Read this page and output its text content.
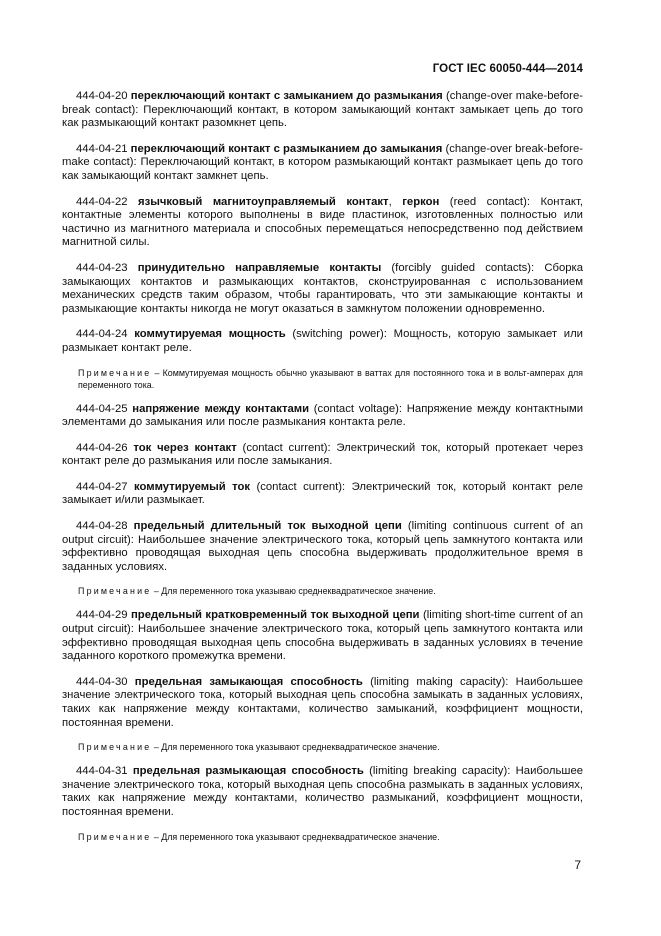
ГОСТ IEC 60050-444—2014

444-04-20 переключающий контакт с замыканием до размыкания (change-over make-before-break contact): Переключающий контакт, в котором замыкающий контакт замыкает цепь до того как размыкающий контакт разомкнет цепь.

444-04-21 переключающий контакт с размыканием до замыкания (change-over break-before-make contact): Переключающий контакт, в котором размыкающий контакт размыкает цепь до того как замыкающий контакт замкнет цепь.

444-04-22 язычковый магнитоуправляемый контакт, геркон (reed contact): Контакт, контактные элементы которого выполнены в виде пластинок, изготовленных полностью или частично из магнитного материала и способных перемещаться непосредственно под действием магнитной силы.

444-04-23 принудительно направляемые контакты (forcibly guided contacts): Сборка замыкающих контактов и размыкающих контактов, сконструированная с использованием механических средств таким образом, чтобы гарантировать, что эти замыкающие контакты и размыкающие контакты никогда не могут оказаться в замкнутом положении одновременно.

444-04-24 коммутируемая мощность (switching power): Мощность, которую замыкает или размыкает контакт реле.

Примечание – Коммутируемая мощность обычно указывают в ваттах для постоянного тока и в вольт-амперах для переменного тока.

444-04-25 напряжение между контактами (contact voltage): Напряжение между контактными элементами до замыкания или после размыкания контакта реле.

444-04-26 ток через контакт (contact current): Электрический ток, который протекает через контакт реле до размыкания или после замыкания.

444-04-27 коммутируемый ток (contact current): Электрический ток, который контакт реле замыкает и/или размыкает.

444-04-28 предельный длительный ток выходной цепи (limiting continuous current of an output circuit): Наибольшее значение электрического тока, который цепь замкнутого контакта или эффективно проводящая выходная цепь способна выдерживать продолжительное время в заданных условиях.

Примечание – Для переменного тока указываю среднеквадратическое значение.

444-04-29 предельный кратковременный ток выходной цепи (limiting short-time current of an output circuit): Наибольшее значение электрического тока, который цепь замкнутого контакта или эффективно проводящая выходная цепь способна выдерживать в заданных условиях в течение заданного короткого промежутка времени.

444-04-30 предельная замыкающая способность (limiting making capacity): Наибольшее значение электрического тока, который выходная цепь способна замыкать в заданных условиях, таких как напряжение между контактами, количество замыканий, коэффициент мощности, постоянная времени.

Примечание – Для переменного тока указывают среднеквадратическое значение.

444-04-31 предельная размыкающая способность (limiting breaking capacity): Наибольшее значение электрического тока, который выходная цепь способна размыкать в заданных условиях, таких как напряжение между контактами, количество размыканий, коэффициент мощности, постоянная времени.

Примечание – Для переменного тока указывают среднеквадратическое значение.

7
